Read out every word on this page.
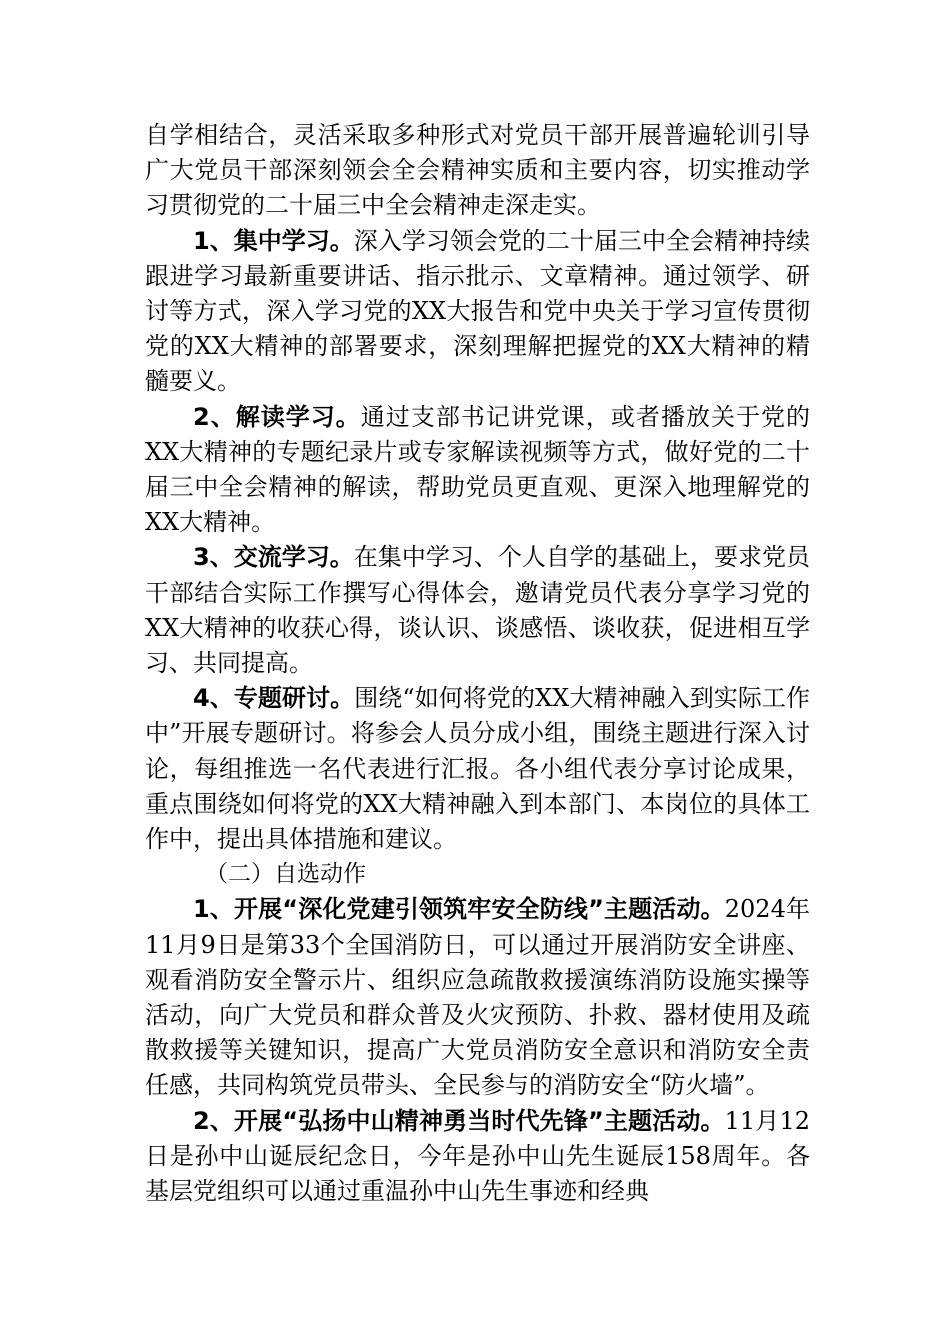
自学相结合，灵活采取多种形式对党员干部开展普遍轮训引导广大党员干部深刻领会全会精神实质和主要内容，切实推动学习贯彻党的二十届三中全会精神走深走实。

1、集中学习。深入学习领会党的二十届三中全会精神持续跟进学习最新重要讲话、指示批示、文章精神。通过领学、研讨等方式，深入学习党的XX大报告和党中央关于学习宣传贯彻党的XX大精神的部署要求，深刻理解把握党的XX大精神的精髓要义。

2、解读学习。通过支部书记讲党课，或者播放关于党的XX大精神的专题纪录片或专家解读视频等方式，做好党的二十届三中全会精神的解读，帮助党员更直观、更深入地理解党的XX大精神。

3、交流学习。在集中学习、个人自学的基础上，要求党员干部结合实际工作撰写心得体会，邀请党员代表分享学习党的XX大精神的收获心得，谈认识、谈感悟、谈收获，促进相互学习、共同提高。

4、专题研讨。围绕“如何将党的XX大精神融入到实际工作中”开展专题研讨。将参会人员分成小组，围绕主题进行深入讨论，每组推选一名代表进行汇报。各小组代表分享讨论成果，重点围绕如何将党的XX大精神融入到本部门、本岗位的具体工作中，提出具体措施和建议。

（二）自选动作

1、开展“深化党建引领筑牢安全防线”主题活动。2024年11月9日是第33个全国消防日，可以通过开展消防安全讲座、观看消防安全警示片、组织应急疏散救援演练消防设施实操等活动，向广大党员和群众普及火灾预防、扑救、器材使用及疏散救援等关键知识，提高广大党员消防安全意识和消防安全责任感，共同构筑党员带头、全民参与的消防安全“防火墙”。

2、开展“弘扬中山精神勇当时代先锋”主题活动。11月12日是孙中山诞辰纪念日，今年是孙中山先生诞辰158周年。各基层党组织可以通过重温孙中山先生事迹和经典
